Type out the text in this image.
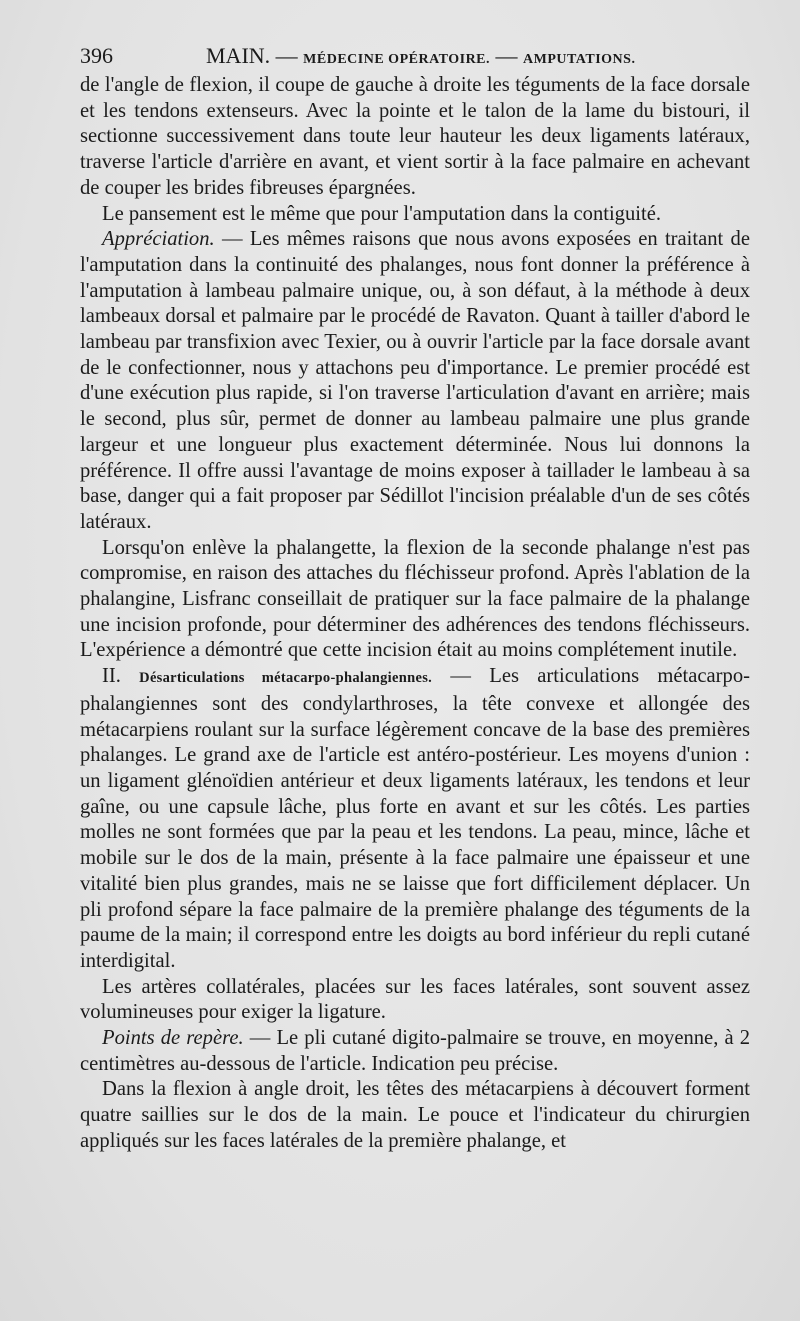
396	MAIN. — MÉDECINE OPÉRATOIRE. — AMPUTATIONS.

de l'angle de flexion, il coupe de gauche à droite les téguments de la face dorsale et les tendons extenseurs. Avec la pointe et le talon de la lame du bistouri, il sectionne successivement dans toute leur hauteur les deux ligaments latéraux, traverse l'article d'arrière en avant, et vient sortir à la face palmaire en achevant de couper les brides fibreuses épargnées.

Le pansement est le même que pour l'amputation dans la contiguité.

Appréciation. — Les mêmes raisons que nous avons exposées en traitant de l'amputation dans la continuité des phalanges, nous font donner la préférence à l'amputation à lambeau palmaire unique, ou, à son défaut, à la méthode à deux lambeaux dorsal et palmaire par le procédé de Ravaton. Quant à tailler d'abord le lambeau par transfixion avec Texier, ou à ouvrir l'article par la face dorsale avant de le confectionner, nous y attachons peu d'importance. Le premier procédé est d'une exécution plus rapide, si l'on traverse l'articulation d'avant en arrière; mais le second, plus sûr, permet de donner au lambeau palmaire une plus grande largeur et une longueur plus exactement déterminée. Nous lui donnons la préférence. Il offre aussi l'avantage de moins exposer à taillader le lambeau à sa base, danger qui a fait proposer par Sédillot l'incision préalable d'un de ses côtés latéraux.

Lorsqu'on enlève la phalangette, la flexion de la seconde phalange n'est pas compromise, en raison des attaches du fléchisseur profond. Après l'ablation de la phalangine, Lisfranc conseillait de pratiquer sur la face palmaire de la phalange une incision profonde, pour déterminer des adhérences des tendons fléchisseurs. L'expérience a démontré que cette incision était au moins complétement inutile.

II. Désarticulations métacarpo-phalangiennes. — Les articulations métacarpo-phalangiennes sont des condylarthroses, la tête convexe et allongée des métacarpiens roulant sur la surface légèrement concave de la base des premières phalanges. Le grand axe de l'article est antéro-postérieur. Les moyens d'union : un ligament glénoïdien antérieur et deux ligaments latéraux, les tendons et leur gaîne, ou une capsule lâche, plus forte en avant et sur les côtés. Les parties molles ne sont formées que par la peau et les tendons. La peau, mince, lâche et mobile sur le dos de la main, présente à la face palmaire une épaisseur et une vitalité bien plus grandes, mais ne se laisse que fort difficilement déplacer. Un pli profond sépare la face palmaire de la première phalange des téguments de la paume de la main; il correspond entre les doigts au bord inférieur du repli cutané interdigital.

Les artères collatérales, placées sur les faces latérales, sont souvent assez volumineuses pour exiger la ligature.

Points de repère. — Le pli cutané digito-palmaire se trouve, en moyenne, à 2 centimètres au-dessous de l'article. Indication peu précise.

Dans la flexion à angle droit, les têtes des métacarpiens à découvert forment quatre saillies sur le dos de la main. Le pouce et l'indicateur du chirurgien appliqués sur les faces latérales de la première phalange, et
